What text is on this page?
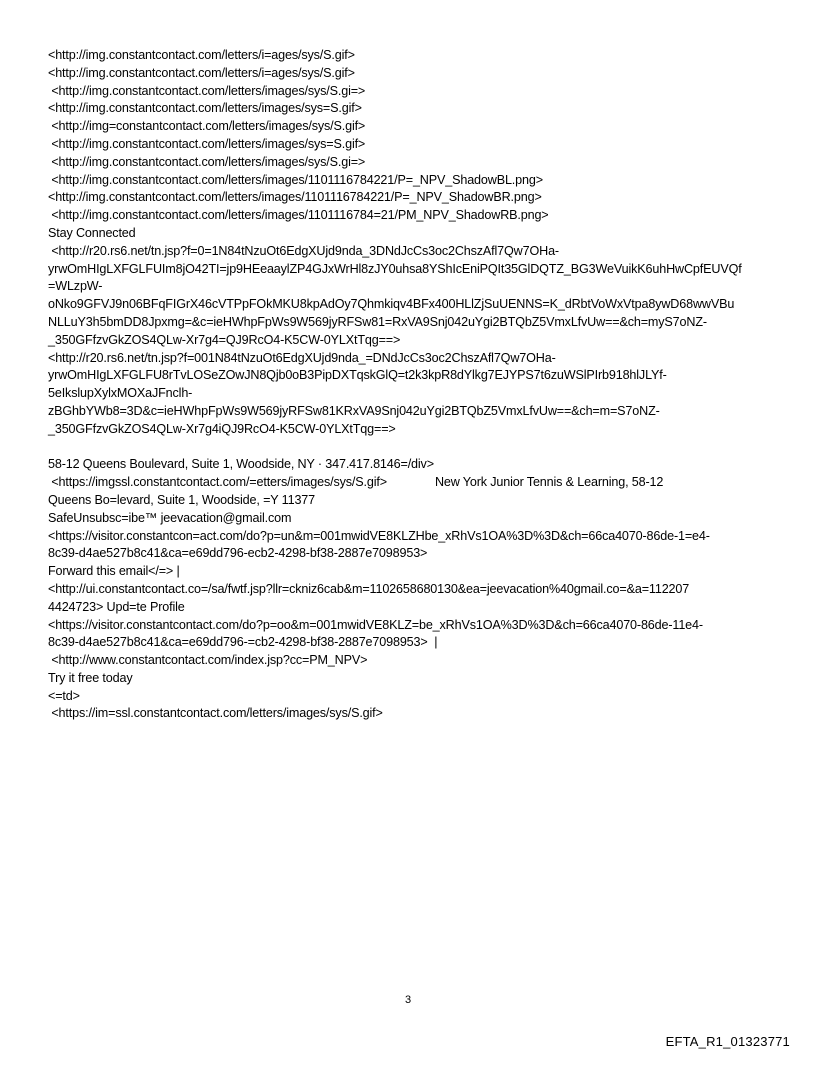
<http://img.constantcontact.com/letters/i=ages/sys/S.gif>
<http://img.constantcontact.com/letters/i=ages/sys/S.gif>
<http://img.constantcontact.com/letters/images/sys/S.gi=>
<http://img.constantcontact.com/letters/images/sys=S.gif>
<http://img=constantcontact.com/letters/images/sys/S.gif>
<http://img.constantcontact.com/letters/images/sys=S.gif>
<http://img.constantcontact.com/letters/images/sys/S.gi=>
<http://img.constantcontact.com/letters/images/1101116784221/P=_NPV_ShadowBL.png>
<http://img.constantcontact.com/letters/images/1101116784221/P=_NPV_ShadowBR.png>
<http://img.constantcontact.com/letters/images/1101116784=21/PM_NPV_ShadowRB.png>
Stay Connected
<http://r20.rs6.net/tn.jsp?f=0=1N84tNzuOt6EdgXUjd9nda_3DNdJcCs3oc2ChszAfl7Qw7OHa-
yrwOmHIgLXFGLFUIm8jO42TI=jp9HEeaaylZP4GJxWrHl8zJY0uhsa8YShIcEniPQIt35GlDQTZ_BG3WeVuikK6uhHwCpfEUVQf
=WLzpW-
oNko9GFVJ9n06BFqFIGrX46cVTPpFOkMKU8kpAdOy7Qhmkiqv4BFx400HLlZjSuUENNS=K_dRbtVoWxVtpa8ywD68wwVBu
NLLuY3h5bmDD8Jpxmg=&c=ieHWhpFpWs9W569jyRFSw81=RxVA9Snj042uYgi2BTQbZ5VmxLfvUw==&ch=myS7oNZ-
_350GFfzvGkZOS4QLw-Xr7g4=QJ9RcO4-K5CW-0YLXtTqg==>
<http://r20.rs6.net/tn.jsp?f=001N84tNzuOt6EdgXUjd9nda_=DNdJcCs3oc2ChszAfl7Qw7OHa-
yrwOmHIgLXFGLFU8rTvLOSeZOwJN8Qjb0oB3PipDXTqskGlQ=t2k3kpR8dYlkg7EJYPS7t6zuWSlPIrb918hlJLYf-
5eIkslupXylxMOXaJFnclh-
zBGhbYWb8=3D&c=ieHWhpFpWs9W569jyRFSw81KRxVA9Snj042uYgi2BTQbZ5VmxLfvUw==&ch=m=S7oNZ-
_350GFfzvGkZOS4QLw-Xr7g4iQJ9RcO4-K5CW-0YLXtTqg==>
58-12 Queens Boulevard, Suite 1, Woodside, NY · 347.417.8146=/div>
<https://imgssl.constantcontact.com/=etters/images/sys/S.gif>	New York Junior Tennis & Learning, 58-12
Queens Bo=levard, Suite 1, Woodside, =Y 11377
SafeUnsubsc=ibe™ jeevacation@gmail.com
<https://visitor.constantcon=act.com/do?p=un&m=001mwidVE8KLZHbe_xRhVs1OA%3D%3D&ch=66ca4070-86de-1=e4-
8c39-d4ae527b8c41&ca=e69dd796-ecb2-4298-bf38-2887e7098953>
Forward this email</=> |
<http://ui.constantcontact.co=/sa/fwtf.jsp?llr=ckniz6cab&m=1102658680130&ea=jeevacation%40gmail.co=&a=112207
4424723> Upd=te Profile
<https://visitor.constantcontact.com/do?p=oo&m=001mwidVE8KLZ=be_xRhVs1OA%3D%3D&ch=66ca4070-86de-11e4-
8c39-d4ae527b8c41&ca=e69dd796-=cb2-4298-bf38-2887e7098953>  |
<http://www.constantcontact.com/index.jsp?cc=PM_NPV>
Try it free today
<=td>
<https://im=ssl.constantcontact.com/letters/images/sys/S.gif>
3
EFTA_R1_01323771
